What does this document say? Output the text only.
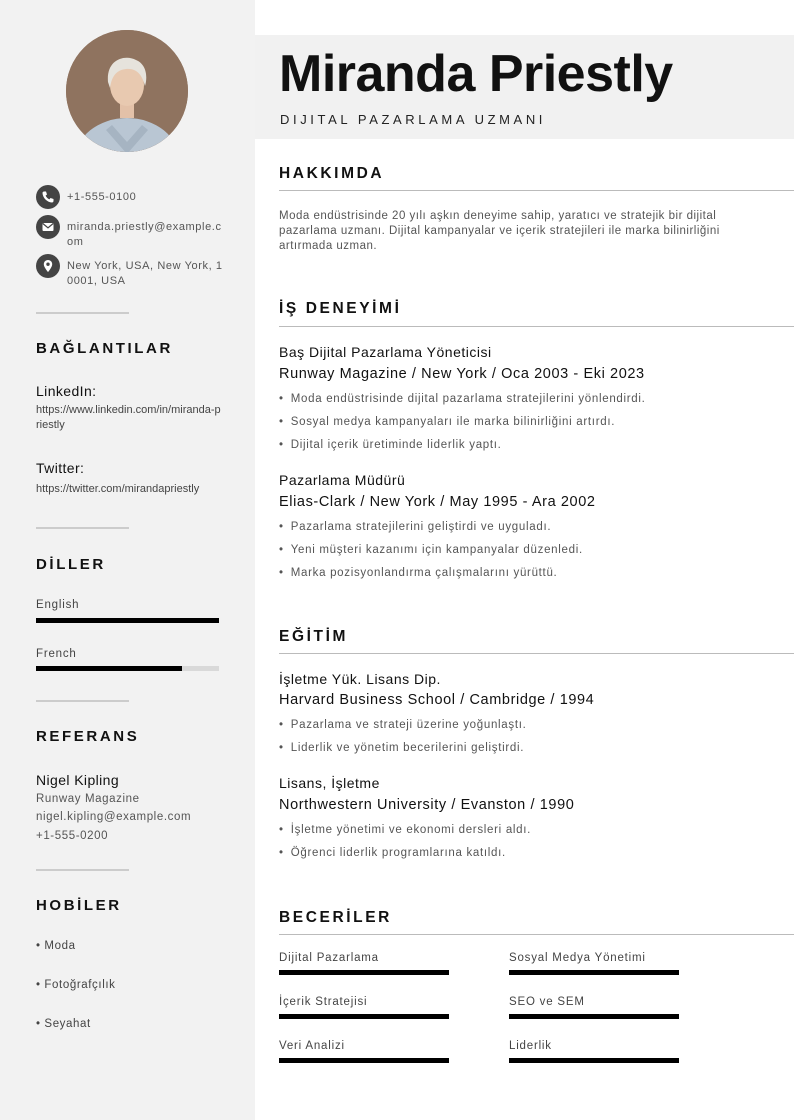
+1-555-0100
miranda.priestly@example.com
New York, USA, New York, 10001, USA
BAĞLANTILAR
LinkedIn:
https://www.linkedin.com/in/miranda-priestly
Twitter:
https://twitter.com/mirandapriestly
DİLLER
English
French
REFERANS
Nigel Kipling
Runway Magazine
nigel.kipling@example.com
+1-555-0200
HOBİLER
• Moda
• Fotoğrafçılık
• Seyahat
Miranda Priestly
DIJITAL PAZARLAMA UZMANI
HAKKIMDA
Moda endüstrisinde 20 yılı aşkın deneyime sahip, yaratıcı ve stratejik bir dijital pazarlama uzmanı. Dijital kampanyalar ve içerik stratejileri ile marka bilinirliğini artırmada uzman.
İŞ DENEYİMİ
Baş Dijital Pazarlama Yöneticisi
Runway Magazine / New York / Oca 2003 - Eki 2023
• Moda endüstrisinde dijital pazarlama stratejilerini yönlendirdi.
• Sosyal medya kampanyaları ile marka bilinirliğini artırdı.
• Dijital içerik üretiminde liderlik yaptı.
Pazarlama Müdürü
Elias-Clark / New York / May 1995 - Ara 2002
• Pazarlama stratejilerini geliştirdi ve uyguladı.
• Yeni müşteri kazanımı için kampanyalar düzenledi.
• Marka pozisyonlandırma çalışmalarını yürüttü.
EĞİTİM
İşletme Yük. Lisans Dip.
Harvard Business School / Cambridge / 1994
• Pazarlama ve strateji üzerine yoğunlaştı.
• Liderlik ve yönetim becerilerini geliştirdi.
Lisans, İşletme
Northwestern University / Evanston / 1990
• İşletme yönetimi ve ekonomi dersleri aldı.
• Öğrenci liderlik programlarına katıldı.
BECERİLER
Dijital Pazarlama	Sosyal Medya Yönetimi
İçerik Stratejisi	SEO ve SEM
Veri Analizi	Liderlik
